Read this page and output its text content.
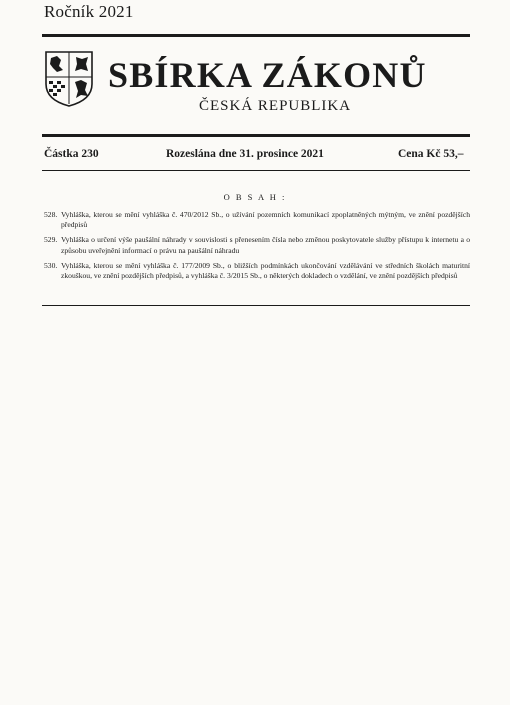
Ročník 2021
SBÍRKA ZÁKONŮ
ČESKÁ REPUBLIKA
Částka 230	Rozeslána dne 31. prosince 2021	Cena Kč 53,–
O B S A H :
528. Vyhláška, kterou se mění vyhláška č. 470/2012 Sb., o užívání pozemních komunikací zpoplatněných mýtným, ve znění pozdějších předpisů
529. Vyhláška o určení výše paušální náhrady v souvislosti s přenesením čísla nebo změnou poskytovatele služby přístupu k internetu a o způsobu uveřejnění informací o právu na paušální náhradu
530. Vyhláška, kterou se mění vyhláška č. 177/2009 Sb., o bližších podmínkách ukončování vzdělávání ve středních školách maturitní zkouškou, ve znění pozdějších předpisů, a vyhláška č. 3/2015 Sb., o některých dokladech o vzdělání, ve znění pozdějších předpisů
